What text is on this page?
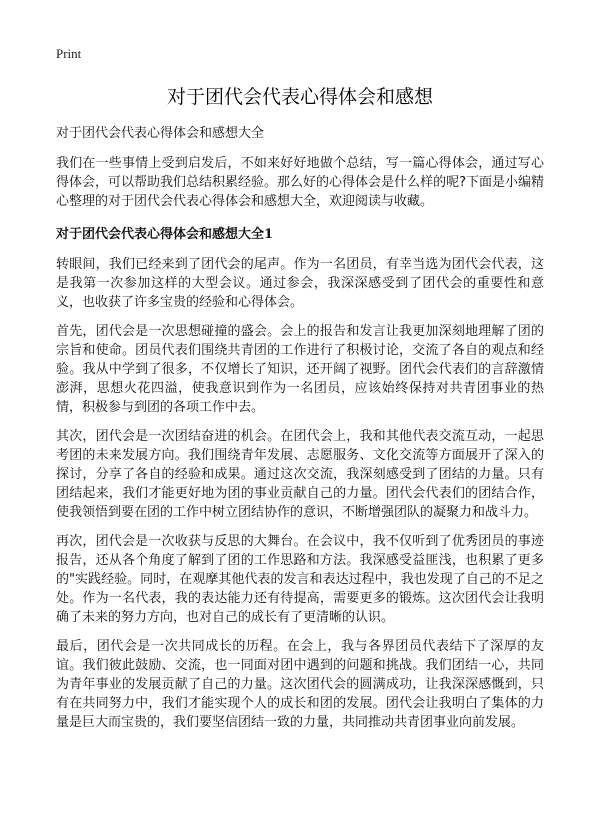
Print
对于团代会代表心得体会和感想

对于团代会代表心得体会和感想大全

我们在一些事情上受到启发后，不如来好好地做个总结，写一篇心得体会，通过写心得体会，可以帮助我们总结积累经验。那么好的心得体会是什么样的呢?下面是小编精心整理的对于团代会代表心得体会和感想大全，欢迎阅读与收藏。

对于团代会代表心得体会和感想大全1

转眼间，我们已经来到了团代会的尾声。作为一名团员，有幸当选为团代会代表，这是我第一次参加这样的大型会议。通过参会，我深深感受到了团代会的重要性和意义，也收获了许多宝贵的经验和心得体会。

首先，团代会是一次思想碰撞的盛会。会上的报告和发言让我更加深刻地理解了团的宗旨和使命。团员代表们围绕共青团的工作进行了积极讨论，交流了各自的观点和经验。我从中学到了很多，不仅增长了知识，还开阔了视野。团代会代表们的言辞激情澎湃，思想火花四溢，使我意识到作为一名团员，应该始终保持对共青团事业的热情，积极参与到团的各项工作中去。

其次，团代会是一次团结奋进的机会。在团代会上，我和其他代表交流互动，一起思考团的未来发展方向。我们围绕青年发展、志愿服务、文化交流等方面展开了深入的探讨，分享了各自的经验和成果。通过这次交流，我深刻感受到了团结的力量。只有团结起来，我们才能更好地为团的事业贡献自己的力量。团代会代表们的团结合作，使我领悟到要在团的工作中树立团结协作的意识，不断增强团队的凝聚力和战斗力。

再次，团代会是一次收获与反思的大舞台。在会议中，我不仅听到了优秀团员的事迹报告，还从各个角度了解到了团的工作思路和方法。我深感受益匪浅，也积累了更多的"实践经验。同时，在观摩其他代表的发言和表达过程中，我也发现了自己的不足之处。作为一名代表，我的表达能力还有待提高，需要更多的锻炼。这次团代会让我明确了未来的努力方向，也对自己的成长有了更清晰的认识。

最后，团代会是一次共同成长的历程。在会上，我与各界团员代表结下了深厚的友谊。我们彼此鼓励、交流，也一同面对团中遇到的问题和挑战。我们团结一心，共同为青年事业的发展贡献了自己的力量。这次团代会的圆满成功，让我深深感慨到，只有在共同努力中，我们才能实现个人的成长和团的发展。团代会让我明白了集体的力量是巨大而宝贵的，我们要坚信团结一致的力量，共同推动共青团事业向前发展。
